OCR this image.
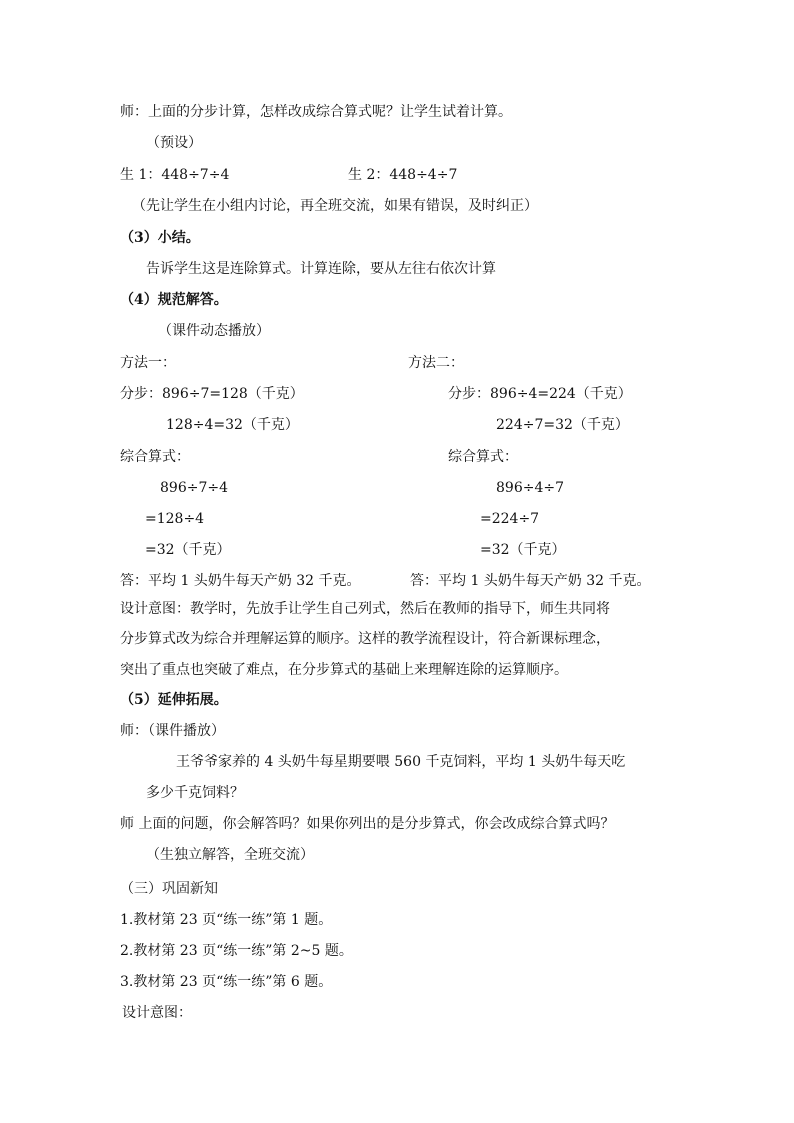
师：上面的分步计算，怎样改成综合算式呢？让学生试着计算。
（预设）
生 1：448÷7÷4	生 2：448÷4÷7
（先让学生在小组内讨论，再全班交流，如果有错误，及时纠正）
（3）小结。
告诉学生这是连除算式。计算连除，要从左往右依次计算
（4）规范解答。
（课件动态播放）
方法一：	方法二：
分步：896÷7=128（千克）	分步：896÷4=224（千克）
128÷4=32（千克）	224÷7=32（千克）
综合算式：	综合算式：
896÷7÷4	896÷4÷7
=128÷4	=224÷7
=32（千克）	=32（千克）
答：平均 1 头奶牛每天产奶 32 千克。	答：平均 1 头奶牛每天产奶 32 千克。
设计意图：教学时，先放手让学生自己列式，然后在教师的指导下，师生共同将
分步算式改为综合并理解运算的顺序。这样的教学流程设计，符合新课标理念，
突出了重点也突破了难点，在分步算式的基础上来理解连除的运算顺序。
（5）延伸拓展。
师：（课件播放）
王爷爷家养的 4 头奶牛每星期要喂 560 千克饲料，平均 1 头奶牛每天吃
多少千克饲料？
师 上面的问题，你会解答吗？如果你列出的是分步算式，你会改成综合算式吗？
（生独立解答，全班交流）
（三）巩固新知
1.教材第 23 页“练一练”第 1 题。
2.教材第 23 页“练一练”第 2~5 题。
3.教材第 23 页“练一练”第 6 题。
设计意图：
